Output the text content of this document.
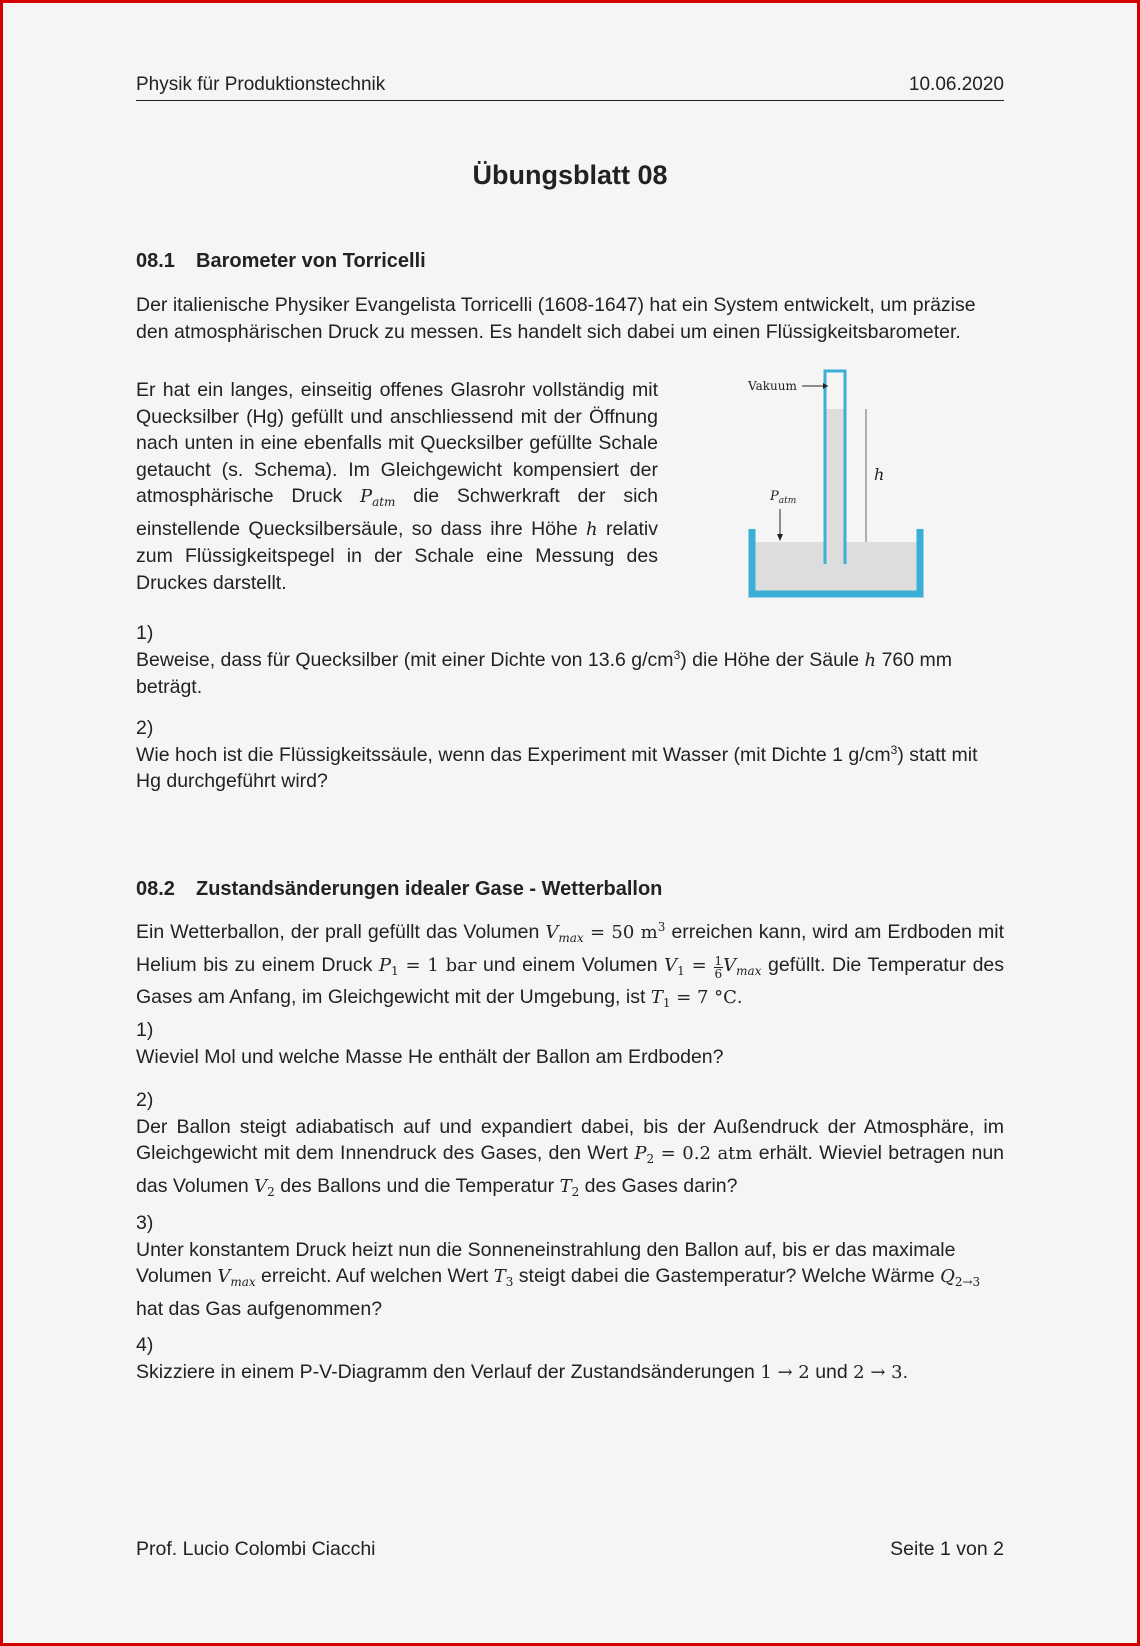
Physik für Produktionstechnik	10.06.2020
Übungsblatt 08
08.1 Barometer von Torricelli
Der italienische Physiker Evangelista Torricelli (1608-1647) hat ein System entwickelt, um präzise den atmosphärischen Druck zu messen. Es handelt sich dabei um einen Flüssigkeitsbarometer.
Er hat ein langes, einseitig offenes Glasrohr vollständig mit Quecksilber (Hg) gefüllt und anschliessend mit der Öffnung nach unten in eine ebenfalls mit Quecksilber gefüllte Schale getaucht (s. Schema). Im Gleichgewicht kompensiert der atmosphärische Druck $P_{atm}$ die Schwerkraft der sich einstellende Quecksilbersäule, so dass ihre Höhe h relativ zum Flüssigkeitspegel in der Schale eine Messung des Druckes darstellt.
1)
Beweise, dass für Quecksilber (mit einer Dichte von 13.6 $g/cm^3$) die Höhe der Säule h 760 mm beträgt.
2)
Wie hoch ist die Flüssigkeitssäule, wenn das Experiment mit Wasser (mit Dichte 1 $g/cm^3$) statt mit Hg durchgeführt wird?
08.2 Zustandsänderungen idealer Gase - Wetterballon
Ein Wetterballon, der prall gefüllt das Volumen $V_{max} = 50$ $m^3$ erreichen kann, wird am Erdboden mit Helium bis zu einem Druck $P_1 = 1$ bar und einem Volumen $V_1 = \frac{1}{6} V_{max}$ gefüllt. Die Temperatur des Gases am Anfang, im Gleichgewicht mit der Umgebung, ist $T_1 = 7$ °C.
1)
Wieviel Mol und welche Masse He enthält der Ballon am Erdboden?
2)
Der Ballon steigt adiabatisch auf und expandiert dabei, bis der Außendruck der Atmosphäre, im Gleichgewicht mit dem Innendruck des Gases, den Wert $P_2 = 0.2$ atm erhält. Wieviel betragen nun das Volumen $V_2$ des Ballons und die Temperatur $T_2$ des Gases darin?
3)
Unter konstantem Druck heizt nun die Sonneneinstrahlung den Ballon auf, bis er das maximale Volumen $V_{max}$ erreicht. Auf welchen Wert $T_3$ steigt dabei die Gastemperatur? Welche Wärme $Q_{2\to 3}$ hat das Gas aufgenommen?
4)
Skizziere in einem P-V-Diagramm den Verlauf der Zustandsänderungen 1 → 2 und 2 → 3.
Prof. Lucio Colombi Ciacchi	Seite 1 von 2
Vakuum
h
$P_{atm}$
